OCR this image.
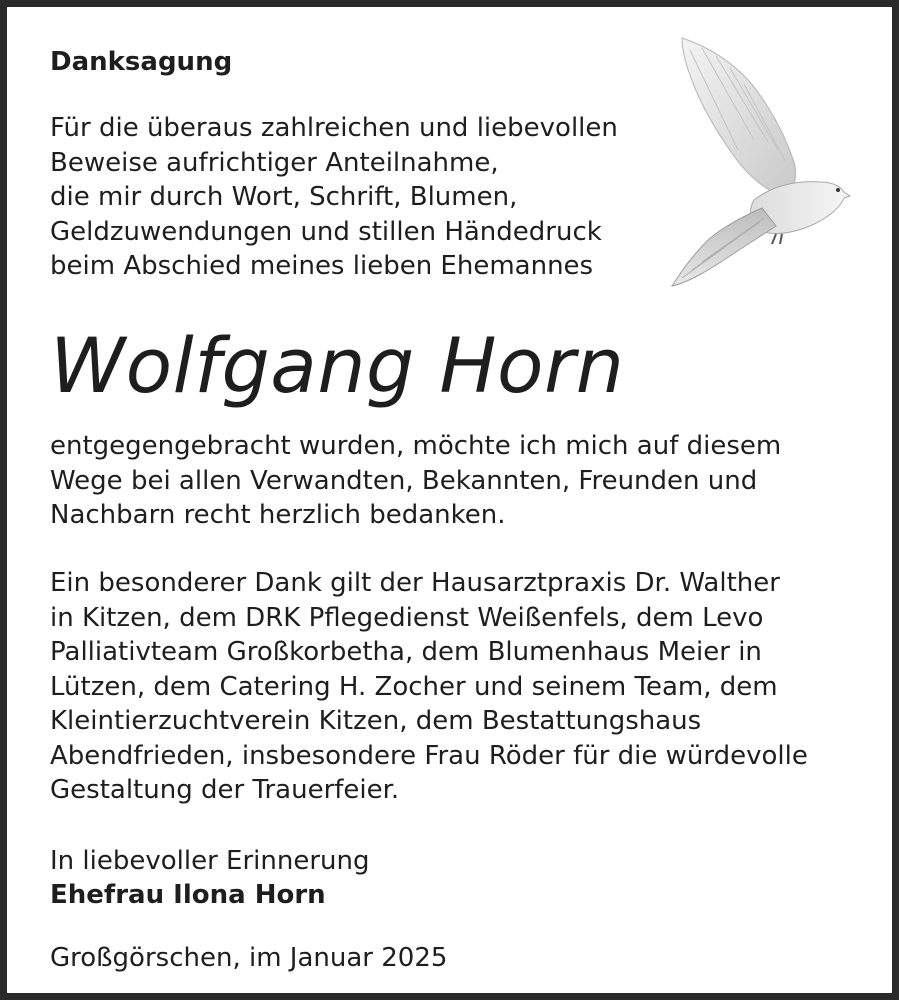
Danksagung
Für die überaus zahlreichen und liebevollen
Beweise aufrichtiger Anteilnahme,
die mir durch Wort, Schrift, Blumen,
Geldzuwendungen und stillen Händedruck
beim Abschied meines lieben Ehemannes
Wolfgang Horn
entgegengebracht wurden, möchte ich mich auf diesem
Wege bei allen Verwandten, Bekannten, Freunden und
Nachbarn recht herzlich bedanken.
Ein besonderer Dank gilt der Hausarztpraxis Dr. Walther
in Kitzen, dem DRK Pflegedienst Weißenfels, dem Levo
Palliativteam Großkorbetha, dem Blumenhaus Meier in
Lützen, dem Catering H. Zocher und seinem Team, dem
Kleintierzuchtverein Kitzen, dem Bestattungshaus
Abendfrieden, insbesondere Frau Röder für die würdevolle
Gestaltung der Trauerfeier.
In liebevoller Erinnerung
Ehefrau Ilona Horn
Großgörschen, im Januar 2025
